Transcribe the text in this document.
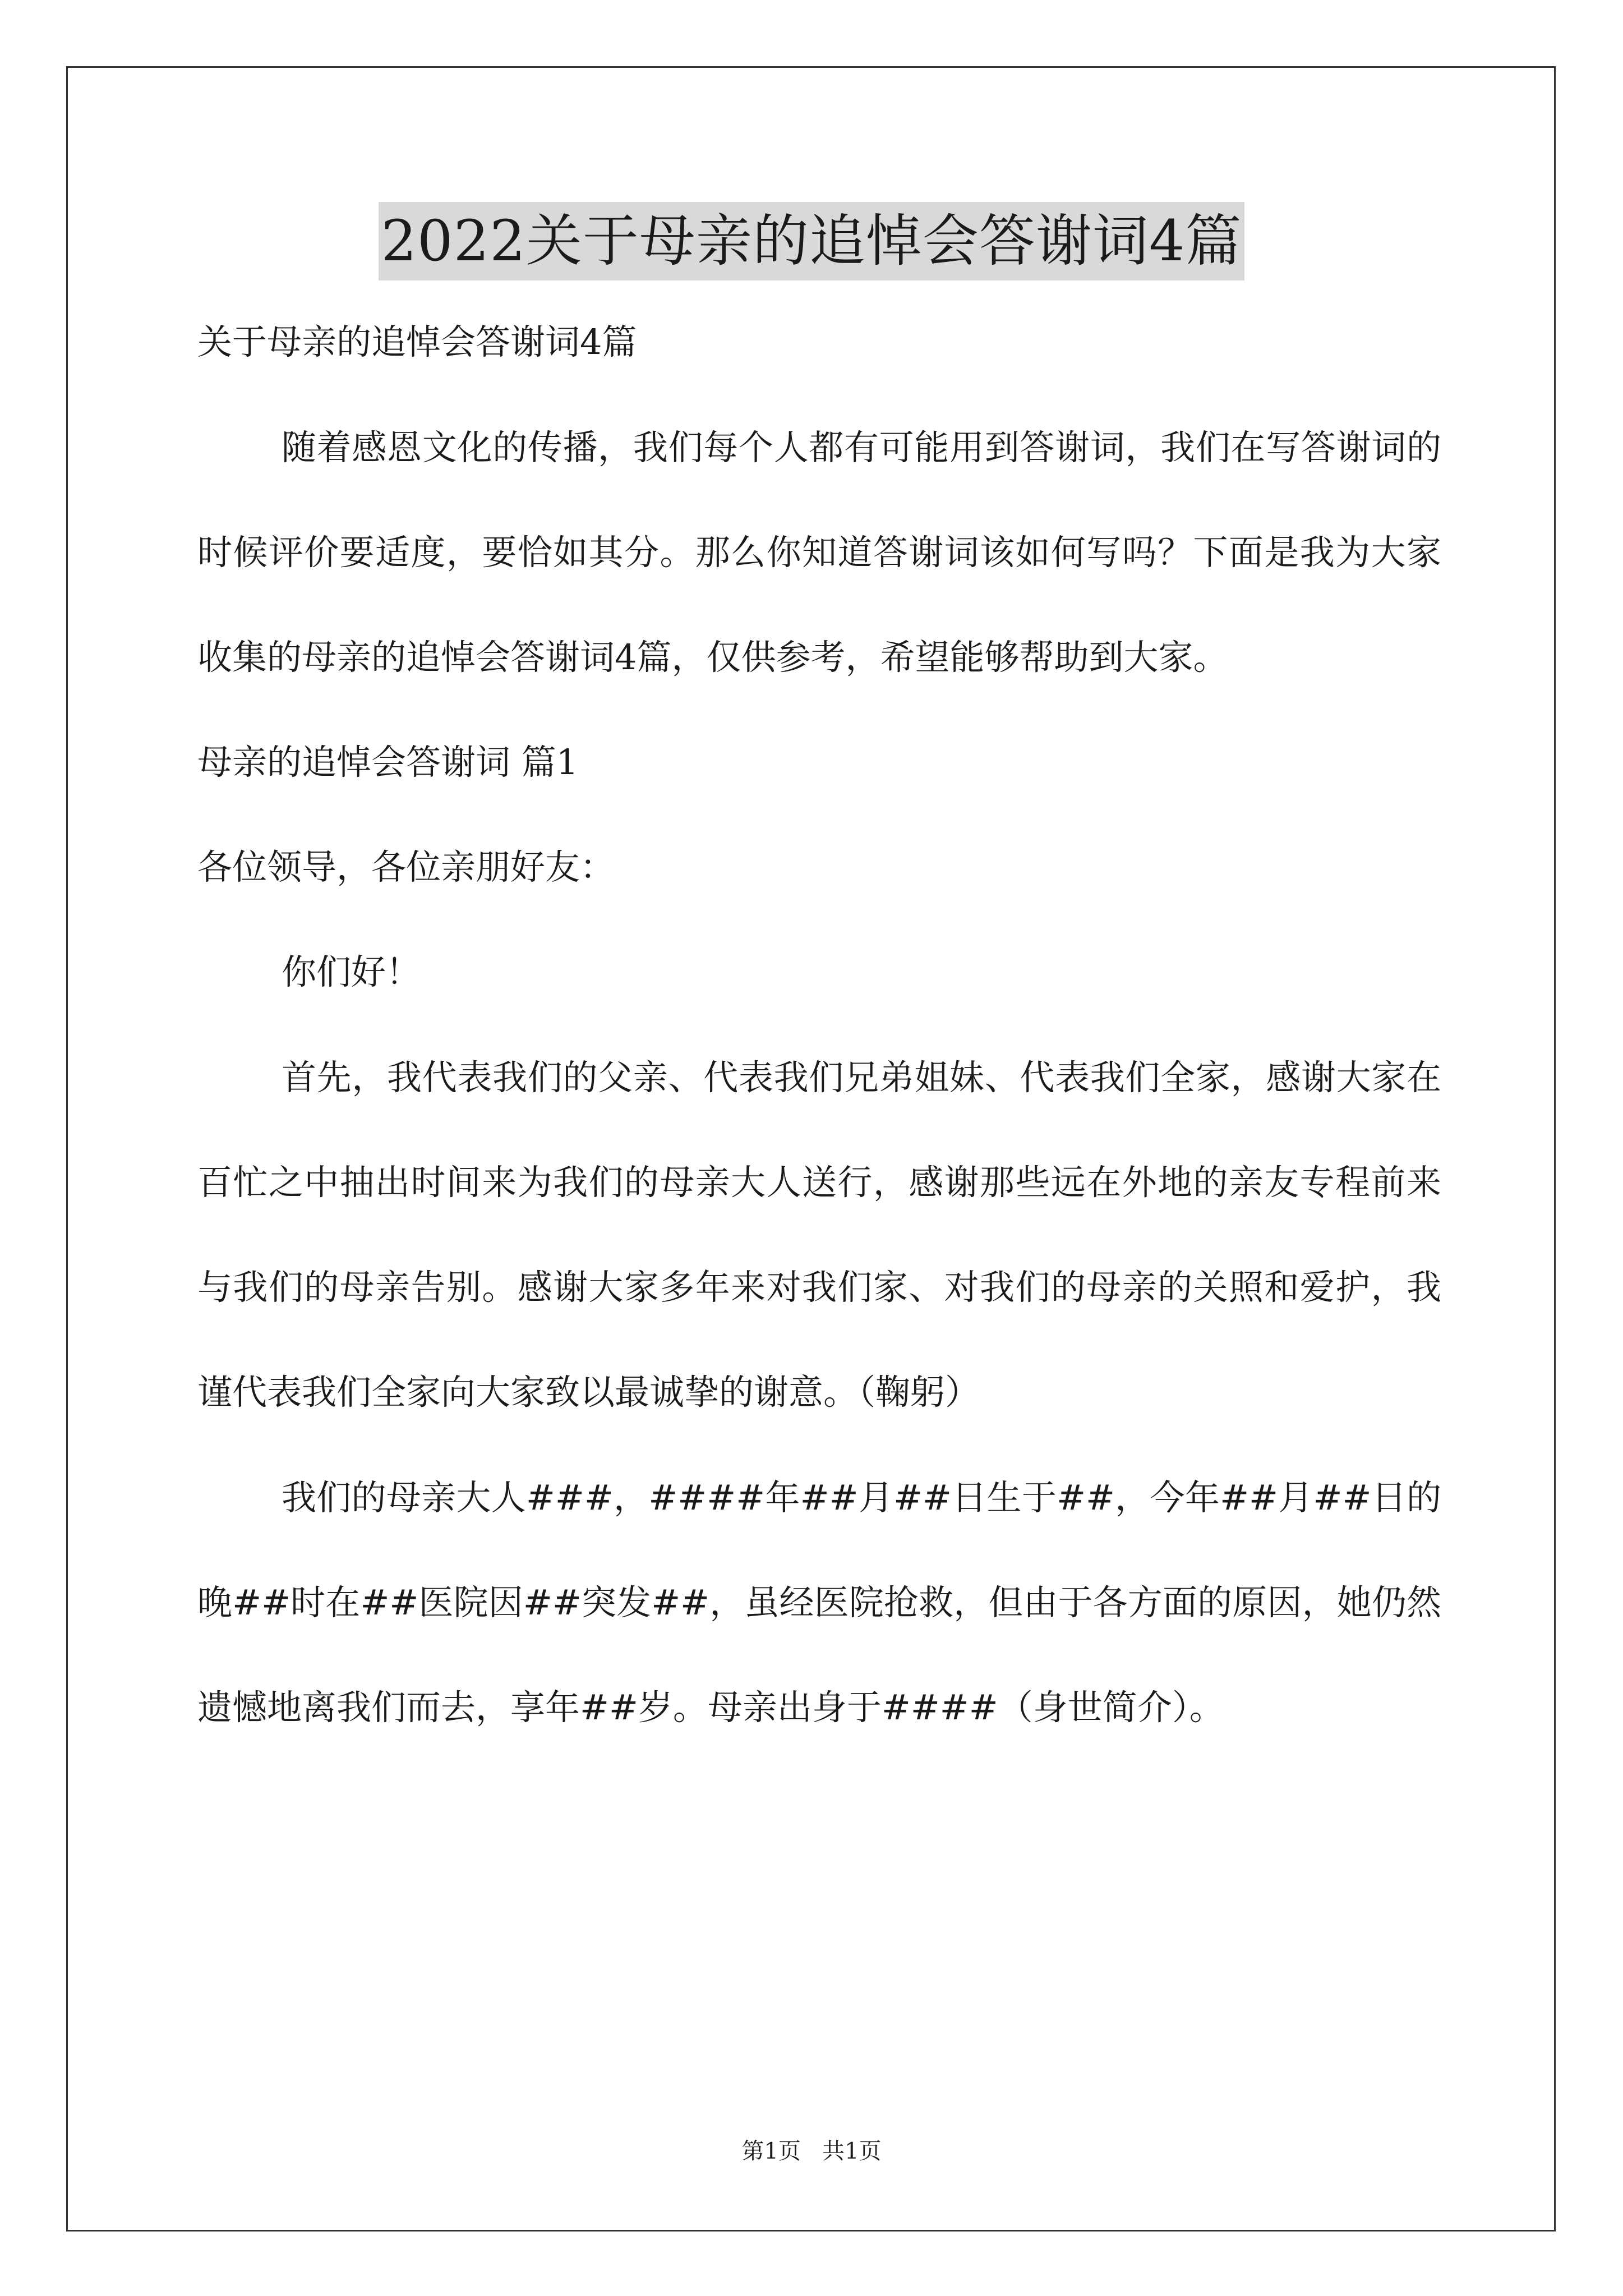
2022关于母亲的追悼会答谢词4篇

关于母亲的追悼会答谢词4篇

随着感恩文化的传播，我们每个人都有可能用到答谢词，我们在写答谢词的时候评价要适度，要恰如其分。那么你知道答谢词该如何写吗？下面是我为大家收集的母亲的追悼会答谢词4篇，仅供参考，希望能够帮助到大家。

母亲的追悼会答谢词 篇1

各位领导，各位亲朋好友：

你们好！

首先，我代表我们的父亲、代表我们兄弟姐妹、代表我们全家，感谢大家在百忙之中抽出时间来为我们的母亲大人送行，感谢那些远在外地的亲友专程前来与我们的母亲告别。感谢大家多年来对我们家、对我们的母亲的关照和爱护，我谨代表我们全家向大家致以最诚挚的谢意。（鞠躬）

我们的母亲大人###，####年##月##日生于##，今年##月##日的晚##时在##医院因##突发##，虽经医院抢救，但由于各方面的原因，她仍然遗憾地离我们而去，享年##岁。母亲出身于####（身世简介）。

第1页   共1页
